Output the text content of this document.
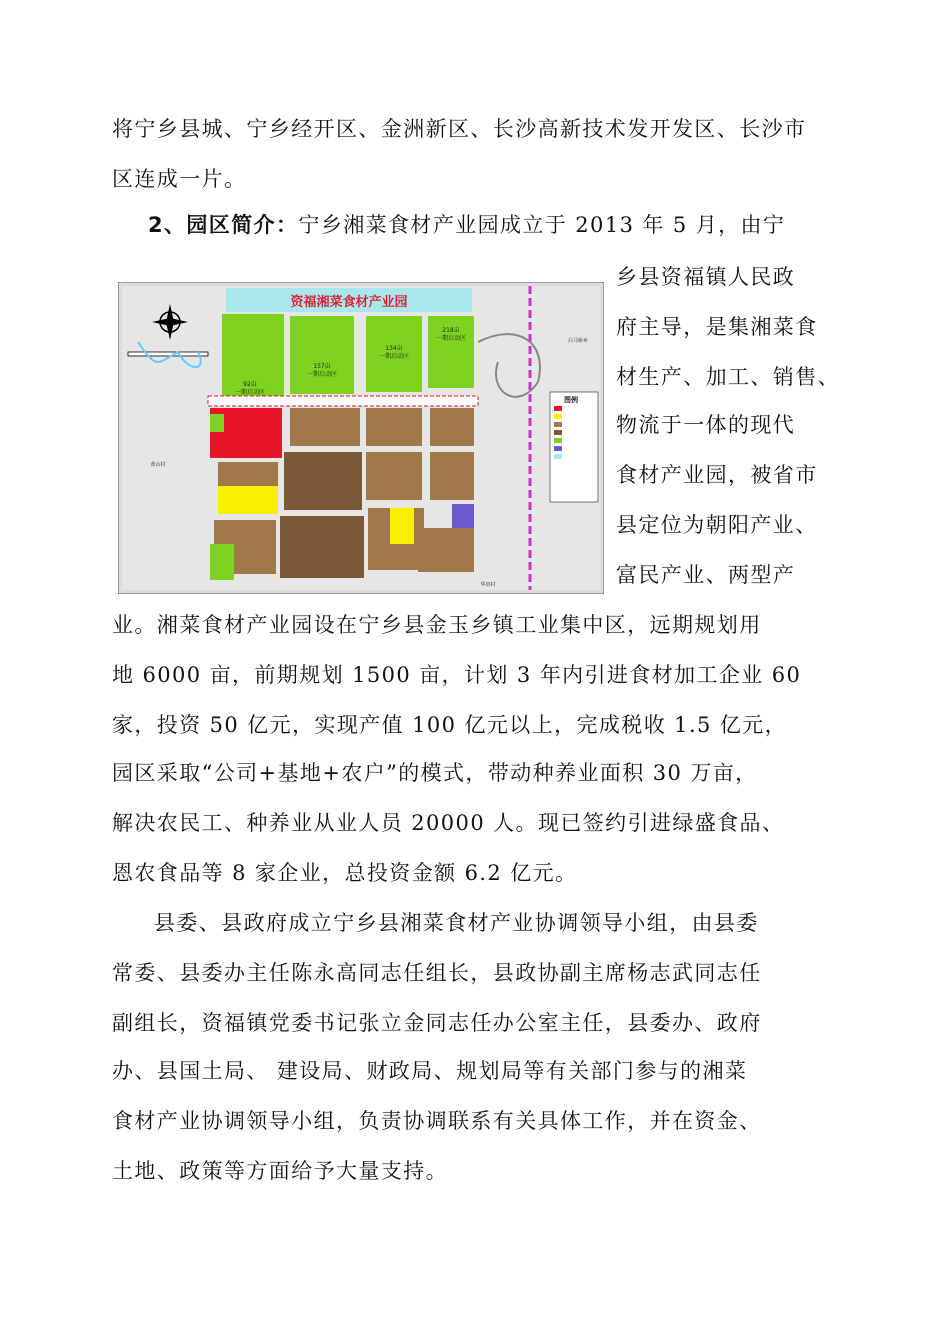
将宁乡县城、宁乡经开区、金洲新区、长沙高新技术发开发区、长沙市
区连成一片。
2、园区简介：宁乡湘菜食材产业园成立于 2013 年 5 月，由宁
乡县资福镇人民政
府主导，是集湘菜食
材生产、加工、销售、
物流于一体的现代
食材产业园，被省市
县定位为朝阳产业、
富民产业、两型产
业。湘菜食材产业园设在宁乡县金玉乡镇工业集中区，远期规划用
地 6000 亩，前期规划 1500 亩，计划 3 年内引进食材加工企业 60
家，投资 50 亿元，实现产值 100 亿元以上，完成税收 1.5 亿元，
园区采取“公司+基地+农户”的模式，带动种养业面积 30 万亩，
解决农民工、种养业从业人员 20000 人。现已签约引进绿盛食品、
恩农食品等 8 家企业，总投资金额 6.2 亿元。
县委、县政府成立宁乡县湘菜食材产业协调领导小组，由县委
常委、县委办主任陈永高同志任组长，县政协副主席杨志武同志任
副组长，资福镇党委书记张立金同志任办公室主任，县委办、政府
办、县国土局、 建设局、财政局、规划局等有关部门参与的湘菜
食材产业协调领导小组，负责协调联系有关具体工作，并在资金、
土地、政策等方面给予大量支持。
资福湘菜食材产业园
92亩
一期启动区
157亩
一期启动区
134亩
一期启动区
218亩
一期启动区
图例
白马桥乡
黄山村
华田村
